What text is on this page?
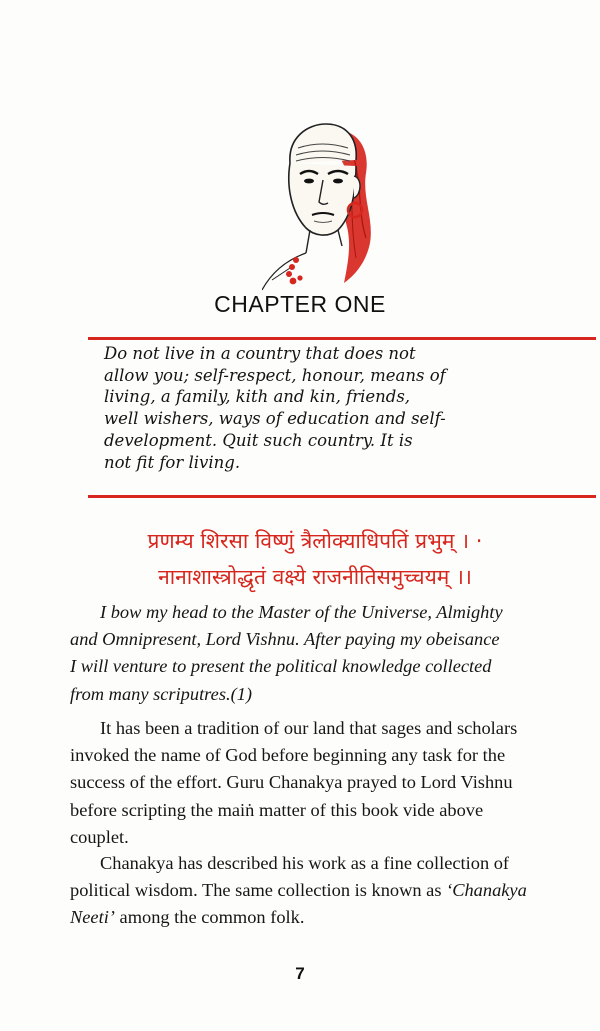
CHAPTER ONE

Do not live in a country that does not
allow you; self-respect, honour, means of
living, a family, kith and kin, friends,
well wishers, ways of education and self-
development. Quit such country. It is
not fit for living.

प्रणम्य शिरसा विष्णुं त्रैलोक्याधिपतिं प्रभुम् । ·
नानाशास्त्रोद्धृतं वक्ष्ये राजनीतिसमुच्चयम् ।।

I bow my head to the Master of the Universe, Almighty
and Omnipresent, Lord Vishnu. After paying my obeisance
I will venture to present the political knowledge collected
from many scriputres.(1)

It has been a tradition of our land that sages and scholars
invoked the name of God before beginning any task for the
success of the effort. Guru Chanakya prayed to Lord Vishnu
before scripting the maiṅ matter of this book vide above
couplet.

Chanakya has described his work as a fine collection of
political wisdom. The same collection is known as ‘Chanakya
Neeti’ among the common folk.

7
